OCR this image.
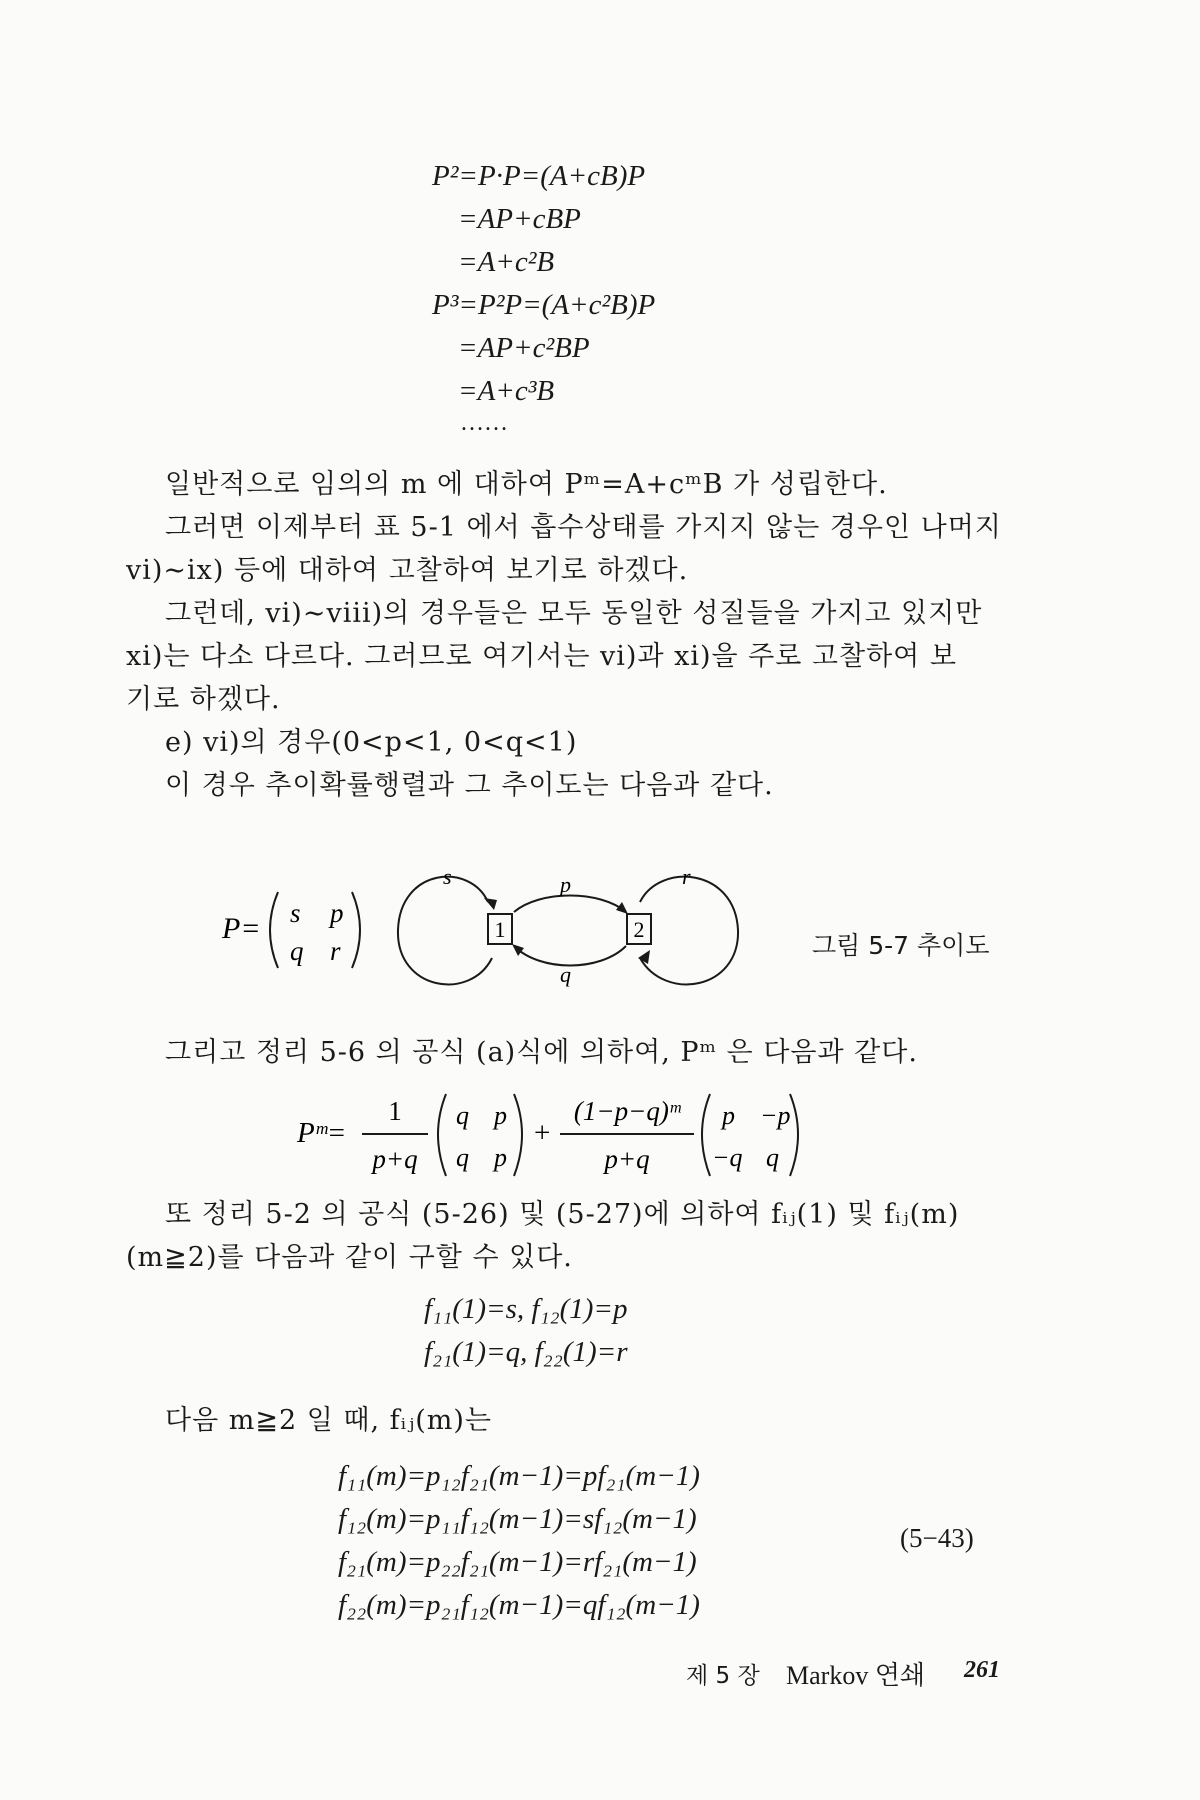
P²=P·P=(A+cB)P
=AP+cBP
=A+c²B
P³=P²P=(A+c²B)P
=AP+c²BP
=A+c³B
……
일반적으로 임의의 m 에 대하여 Pᵐ=A+cᵐB 가 성립한다.
그러면 이제부터 표 5-1 에서 흡수상태를 가지지 않는 경우인 나머지
vi)∼ix) 등에 대하여 고찰하여 보기로 하겠다.
그런데, vi)∼viii)의 경우들은 모두 동일한 성질들을 가지고 있지만
xi)는 다소 다르다. 그러므로 여기서는 vi)과 xi)을 주로 고찰하여 보
기로 하겠다.
e) vi)의 경우(0<p<1, 0<q<1)
이 경우 추이확률행렬과 그 추이도는 다음과 같다.
P= s p
q r
s	r
p
q
1	2
그림 5-7 추이도
그리고 정리 5-6 의 공식 (a)식에 의하여, Pᵐ 은 다음과 같다.
Pᵐ=
1
p+q
q p
q p
+
(1−p−q)ᵐ
p+q
p −p
−q q
또 정리 5-2 의 공식 (5-26) 및 (5-27)에 의하여 fᵢⱼ(1) 및 fᵢⱼ(m)
(m≧2)를 다음과 같이 구할 수 있다.
f₁₁(1)=s, f₁₂(1)=p
f₂₁(1)=q, f₂₂(1)=r
다음 m≧2 일 때, fᵢⱼ(m)는
f₁₁(m)=p₁₂f₂₁(m−1)=pf₂₁(m−1)
f₁₂(m)=p₁₁f₁₂(m−1)=sf₁₂(m−1)
f₂₁(m)=p₂₂f₂₁(m−1)=rf₂₁(m−1)
f₂₂(m)=p₂₁f₁₂(m−1)=qf₁₂(m−1)
(5−43)
제 5 장 Markov 연쇄 261
